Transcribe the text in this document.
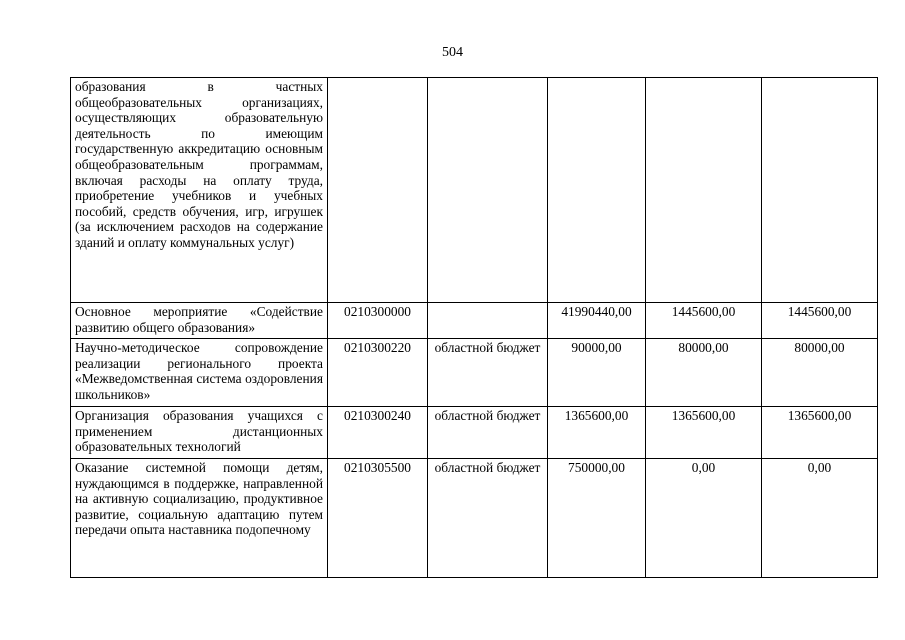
504
образования в частных общеобразовательных организациях, осуществляющих образовательную деятельность по имеющим государственную аккредитацию основным общеобразовательным программам, включая расходы на оплату труда, приобретение учебников и учебных пособий, средств обучения, игр, игрушек (за исключением расходов на содержание зданий и оплату коммунальных услуг)					
Основное мероприятие «Содействие развитию общего образования»	0210300000		41990440,00	1445600,00	1445600,00
Научно-методическое сопровождение реализации регионального проекта «Межведомственная система оздоровления школьников»	0210300220	областной бюджет	90000,00	80000,00	80000,00
Организация образования учащихся с применением дистанционных образовательных технологий	0210300240	областной бюджет	1365600,00	1365600,00	1365600,00
Оказание системной помощи детям, нуждающимся в поддержке, направленной на активную социализацию, продуктивное развитие, социальную адаптацию путем передачи опыта наставника подопечному	0210305500	областной бюджет	750000,00	0,00	0,00
